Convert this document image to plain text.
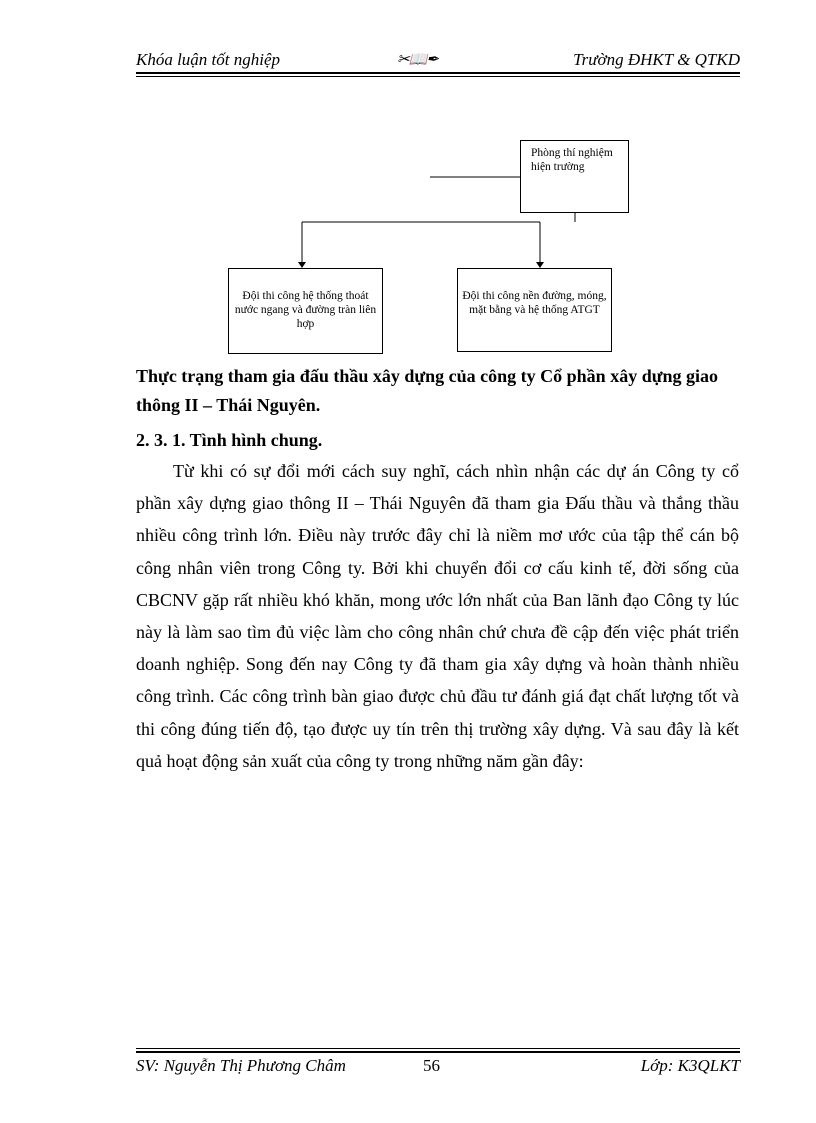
Khóa luận tốt nghiệp	✂📖✒	Trường ĐHKT & QTKD
Phòng thí nghiệm hiện trường
Đội thi công hệ thống thoát nước ngang và đường tràn liên hợp
Đội thi công nền đường, móng, mặt bằng và hệ thống ATGT
Thực trạng tham gia đấu thầu xây dựng của công ty Cổ phần xây dựng giao thông II – Thái Nguyên.
2. 3. 1. Tình hình chung.
Từ khi có sự đổi mới cách suy nghĩ, cách nhìn nhận các dự án Công ty cổ phần xây dựng giao thông II – Thái Nguyên đã tham gia Đấu thầu và thắng thầu nhiều công trình lớn. Điều này trước đây chỉ là niềm mơ ước của tập thể cán bộ công nhân viên trong Công ty. Bởi khi chuyển đổi cơ cấu kinh tế, đời sống của CBCNV gặp rất nhiều khó khăn, mong ước lớn nhất của Ban lãnh đạo Công ty lúc này là làm sao tìm đủ việc làm cho công nhân chứ chưa đề cập đến việc phát triển doanh nghiệp. Song đến nay Công ty đã tham gia xây dựng và hoàn thành nhiều công trình. Các công trình bàn giao được chủ đầu tư đánh giá đạt chất lượng tốt và thi công đúng tiến độ, tạo được uy tín trên thị trường xây dựng. Và sau đây là kết quả hoạt động sản xuất của công ty trong những năm gần đây:
SV: Nguyễn Thị Phương Châm	56	Lớp: K3QLKT
